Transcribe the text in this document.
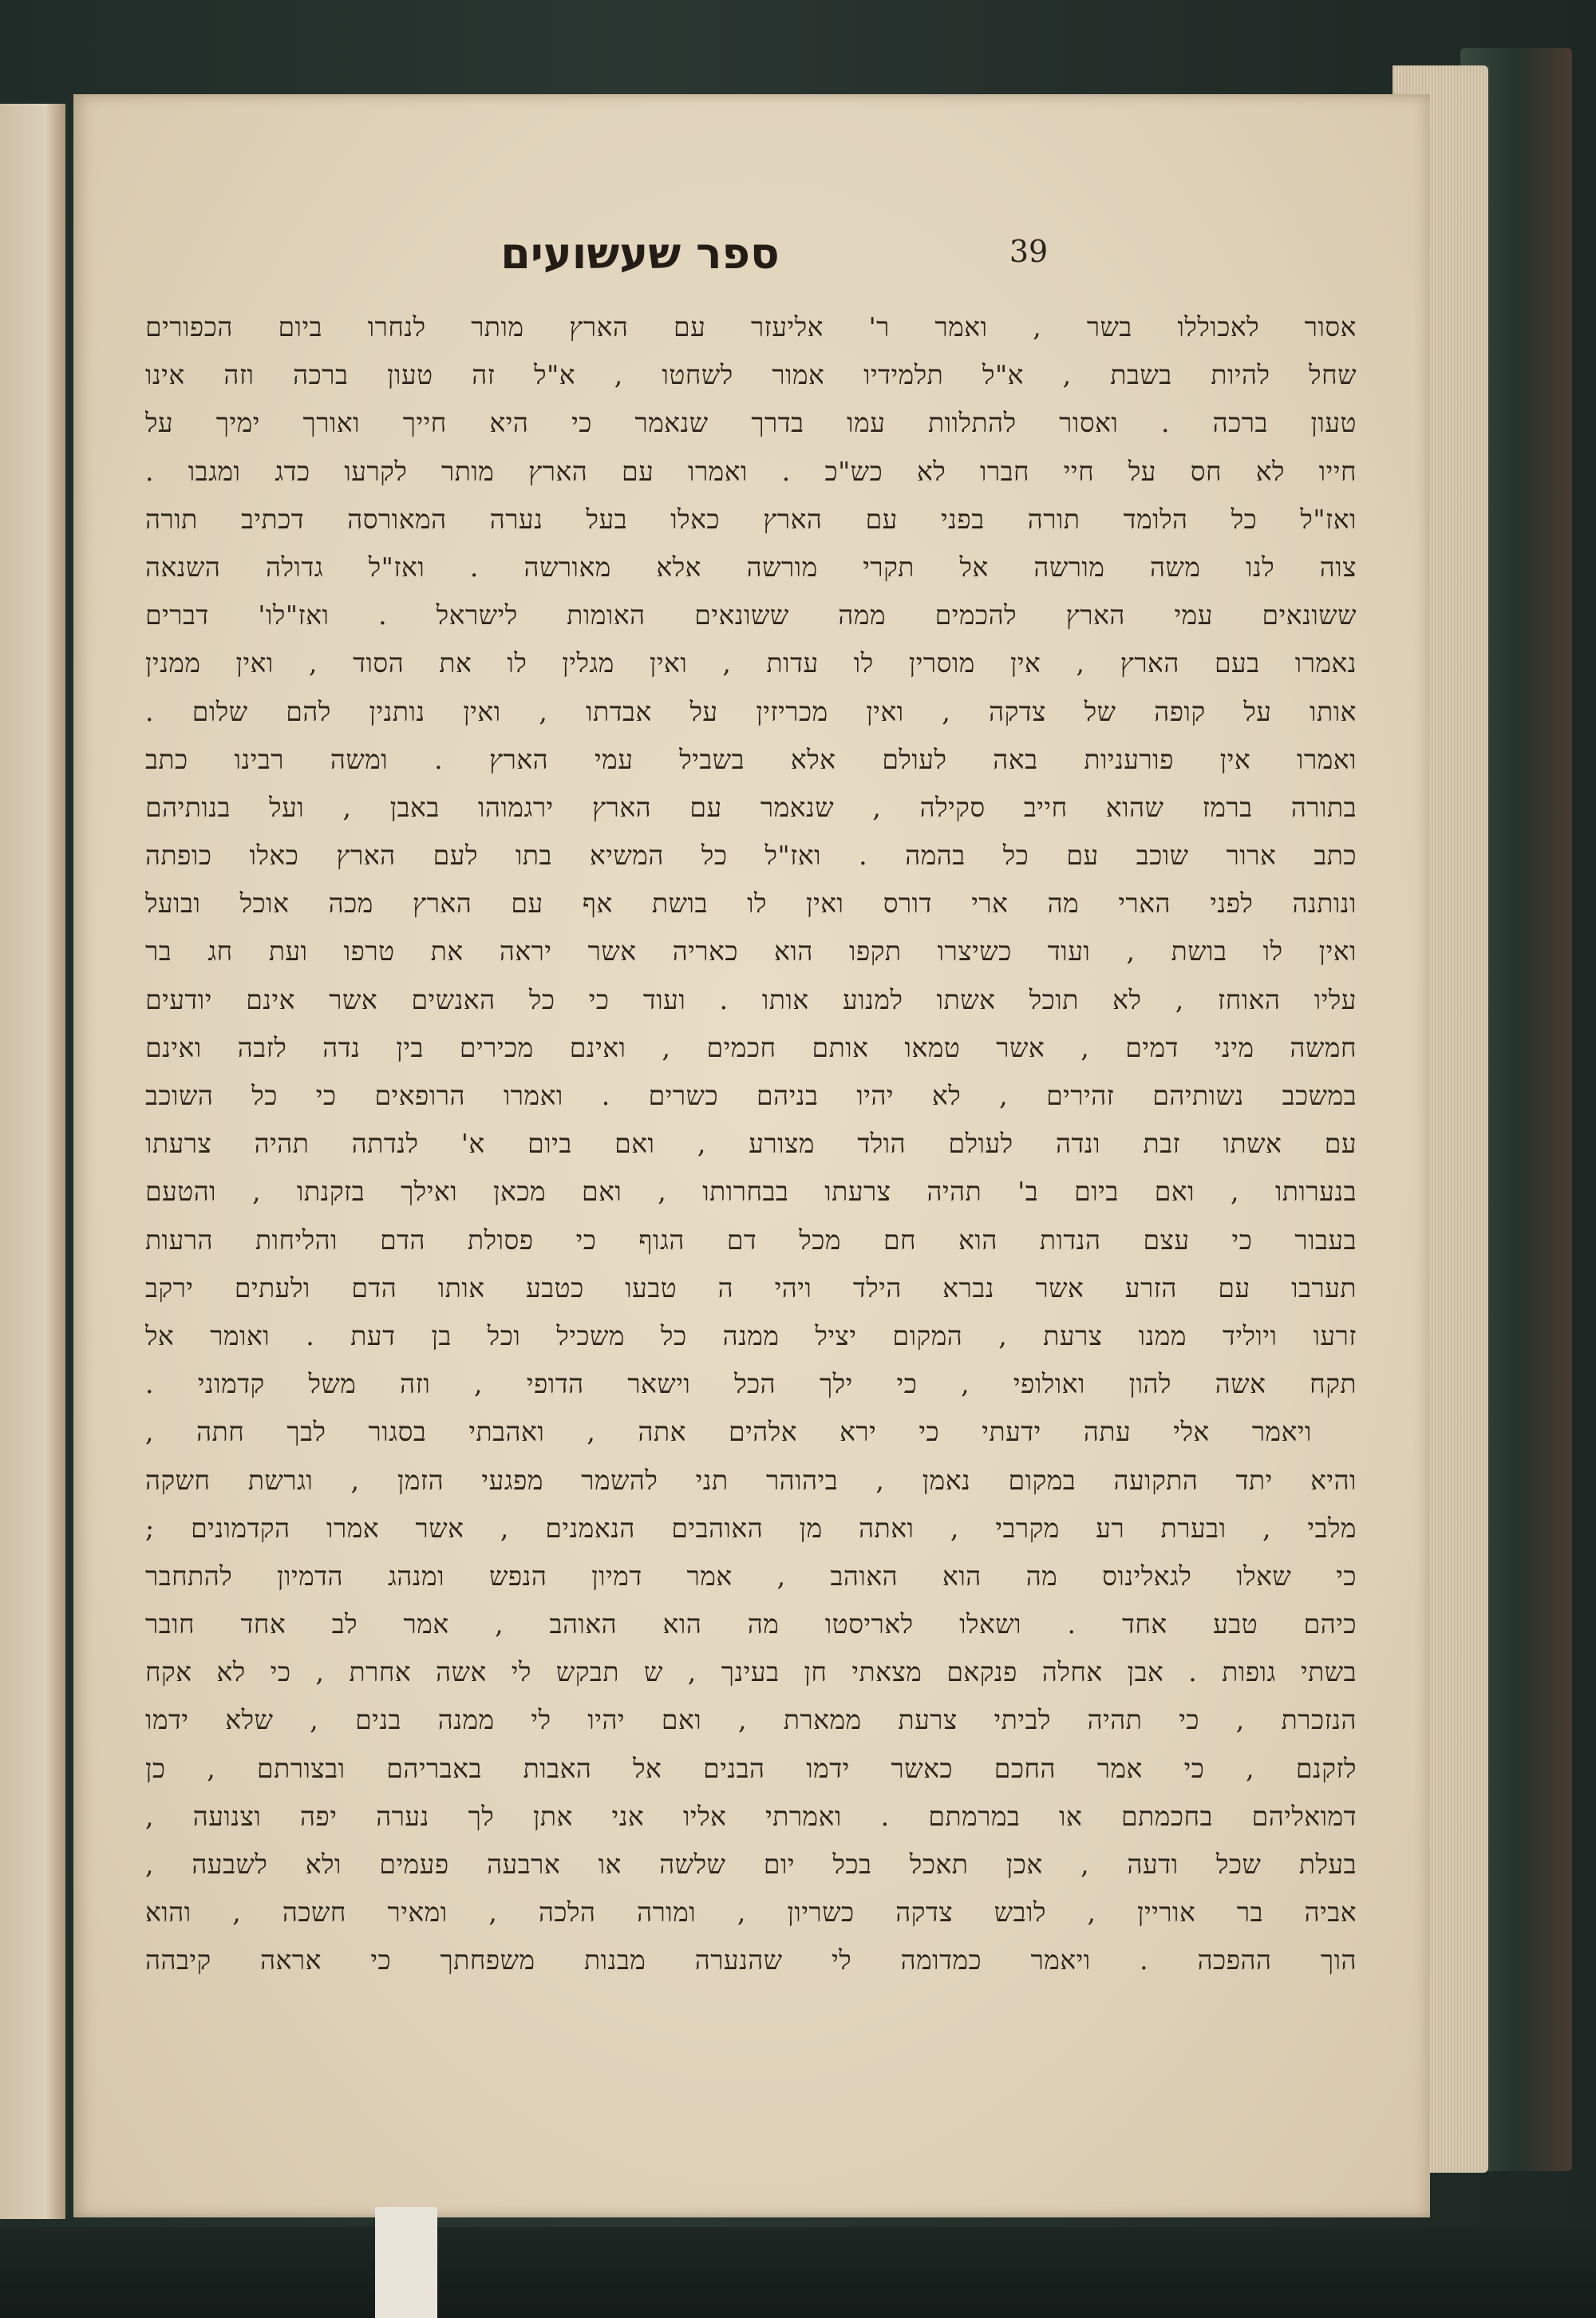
39
ספר שעשועים
אסור לאכוללו בשר , ואמר ר' אליעזר עם הארץ מותר לנחרו ביום הכפורים
שחל להיות בשבת , א"ל תלמידיו אמור לשחטו , א"ל זה טעון ברכה וזה אינו
טעון ברכה . ואסור להתלוות עמו בדרך שנאמר כי היא חייך ואורך ימיך על
חייו לא חס על חיי חברו לא כש"כ . ואמרו עם הארץ מותר לקרעו כדג ומגבו .
ואז"ל כל הלומד תורה בפני עם הארץ כאלו בעל נערה המאורסה דכתיב תורה
צוה לנו משה מורשה אל תקרי מורשה אלא מאורשה . ואז"ל גדולה השנאה
ששונאים עמי הארץ להכמים ממה ששונאים האומות לישראל . ואז"לו' דברים
נאמרו בעם הארץ , אין מוסרין לו עדות , ואין מגלין לו את הסוד , ואין ממנין
אותו על קופה של צדקה , ואין מכריזין על אבדתו , ואין נותנין להם שלום .
ואמרו אין פורעניות באה לעולם אלא בשביל עמי הארץ . ומשה רבינו כתב
בתורה ברמז שהוא חייב סקילה , שנאמר עם הארץ ירגמוהו באבן , ועל בנותיהם
כתב ארור שוכב עם כל בהמה . ואז"ל כל המשיא בתו לעם הארץ כאלו כופתה
ונותנה לפני הארי מה ארי דורס ואין לו בושת אף עם הארץ מכה אוכל ובועל
ואין לו בושת , ועוד כשיצרו תקפו הוא כאריה אשר יראה את טרפו ועת חג בר
עליו האוחז , לא תוכל אשתו למנוע אותו . ועוד כי כל האנשים אשר אינם יודעים
חמשה מיני דמים , אשר טמאו אותם חכמים , ואינם מכירים בין נדה לזבה ואינם
במשכב נשותיהם זהירים , לא יהיו בניהם כשרים . ואמרו הרופאים כי כל השוכב
עם אשתו זבת ונדה לעולם הולד מצורע , ואם ביום א' לנדתה תהיה צרעתו
בנערותו , ואם ביום ב' תהיה צרעתו בבחרותו , ואם מכאן ואילך בזקנתו , והטעם
בעבור כי עצם הנדות הוא חם מכל דם הגוף כי פסולת הדם והליחות הרעות
תערבו עם הזרע אשר נברא הילד ויהי ה טבעו כטבע אותו הדם ולעתים ירקב
זרעו ויוליד ממנו צרעת , המקום יציל ממנה כל משכיל וכל בן דעת . ואומר אל
תקח אשה להון ואולופי , כי ילך הכל וישאר הדופי , וזה משל קדמוני .
ויאמר אלי עתה ידעתי כי ירא אלהים אתה , ואהבתי בסגור לבך חתה ,
והיא יתד התקועה במקום נאמן , ביהוהר תני להשמר מפגעי הזמן , וגרשת חשקה
מלבי , ובערת רע מקרבי , ואתה מן האוהבים הנאמנים , אשר אמרו הקדמונים ;
כי שאלו לגאלינוס מה הוא האוהב , אמר דמיון הנפש ומנהג הדמיון להתחבר
כיהם טבע אחד . ושאלו לאריסטו מה הוא האוהב , אמר לב אחד חובר
בשתי גופות . אבן אחלה פנקאם מצאתי חן בעינך , ש תבקש לי אשה אחרת , כי לא אקח
הנזכרת , כי תהיה לביתי צרעת ממארת , ואם יהיו לי ממנה בנים , שלא ידמו
לזקנם , כי אמר החכם כאשר ידמו הבנים אל האבות באבריהם ובצורתם , כן
דמואליהם בחכמתם או במרמתם . ואמרתי אליו אני אתן לך נערה יפה וצנועה ,
בעלת שכל ודעה , אכן תאכל בכל יום שלשה או ארבעה פעמים ולא לשבעה ,
אביה בר אוריין , לובש צדקה כשריון , ומורה הלכה , ומאיר חשכה , והוא
הוך ההפכה . ויאמר כמדומה לי שהנערה מבנות משפחתך כי אראה קיבהה
